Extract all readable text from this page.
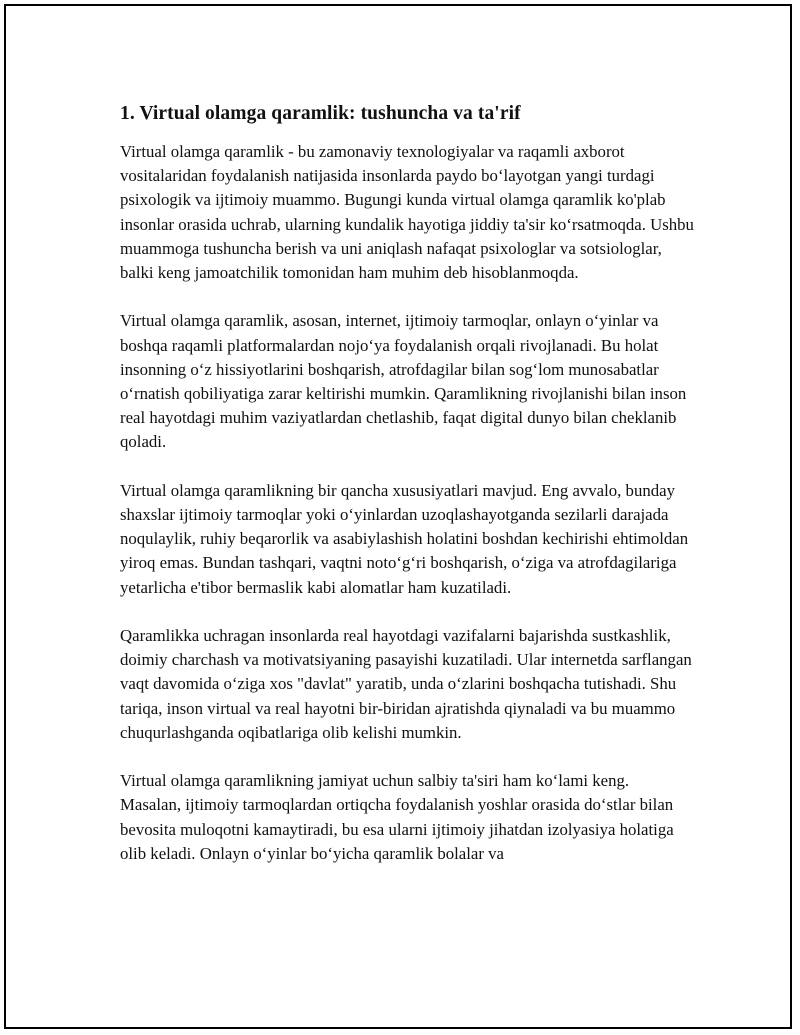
1. Virtual olamga qaramlik: tushuncha va ta'rif

Virtual olamga qaramlik - bu zamonaviy texnologiyalar va raqamli axborot vositalaridan foydalanish natijasida insonlarda paydo bo‘layotgan yangi turdagi psixologik va ijtimoiy muammo. Bugungi kunda virtual olamga qaramlik ko'plab insonlar orasida uchrab, ularning kundalik hayotiga jiddiy ta'sir ko‘rsatmoqda. Ushbu muammoga tushuncha berish va uni aniqlash nafaqat psixologlar va sotsiologlar, balki keng jamoatchilik tomonidan ham muhim deb hisoblanmoqda.

Virtual olamga qaramlik, asosan, internet, ijtimoiy tarmoqlar, onlayn o‘yinlar va boshqa raqamli platformalardan nojo‘ya foydalanish orqali rivojlanadi. Bu holat insonning o‘z hissiyotlarini boshqarish, atrofdagilar bilan sog‘lom munosabatlar o‘rnatish qobiliyatiga zarar keltirishi mumkin. Qaramlikning rivojlanishi bilan inson real hayotdagi muhim vaziyatlardan chetlashib, faqat digital dunyo bilan cheklanib qoladi.

Virtual olamga qaramlikning bir qancha xususiyatlari mavjud. Eng avvalo, bunday shaxslar ijtimoiy tarmoqlar yoki o‘yinlardan uzoqlashayotganda sezilarli darajada noqulaylik, ruhiy beqarorlik va asabiylashish holatini boshdan kechirishi ehtimoldan yiroq emas. Bundan tashqari, vaqtni noto‘g‘ri boshqarish, o‘ziga va atrofdagilariga yetarlicha e'tibor bermaslik kabi alomatlar ham kuzatiladi.

Qaramlikka uchragan insonlarda real hayotdagi vazifalarni bajarishda sustkashlik, doimiy charchash va motivatsiyaning pasayishi kuzatiladi. Ular internetda sarflangan vaqt davomida o‘ziga xos "davlat" yaratib, unda o‘zlarini boshqacha tutishadi. Shu tariqa, inson virtual va real hayotni bir-biridan ajratishda qiynaladi va bu muammo chuqurlashganda oqibatlariga olib kelishi mumkin.

Virtual olamga qaramlikning jamiyat uchun salbiy ta'siri ham ko‘lami keng. Masalan, ijtimoiy tarmoqlardan ortiqcha foydalanish yoshlar orasida do‘stlar bilan bevosita muloqotni kamaytiradi, bu esa ularni ijtimoiy jihatdan izolyasiya holatiga olib keladi. Onlayn o‘yinlar bo‘yicha qaramlik bolalar va
